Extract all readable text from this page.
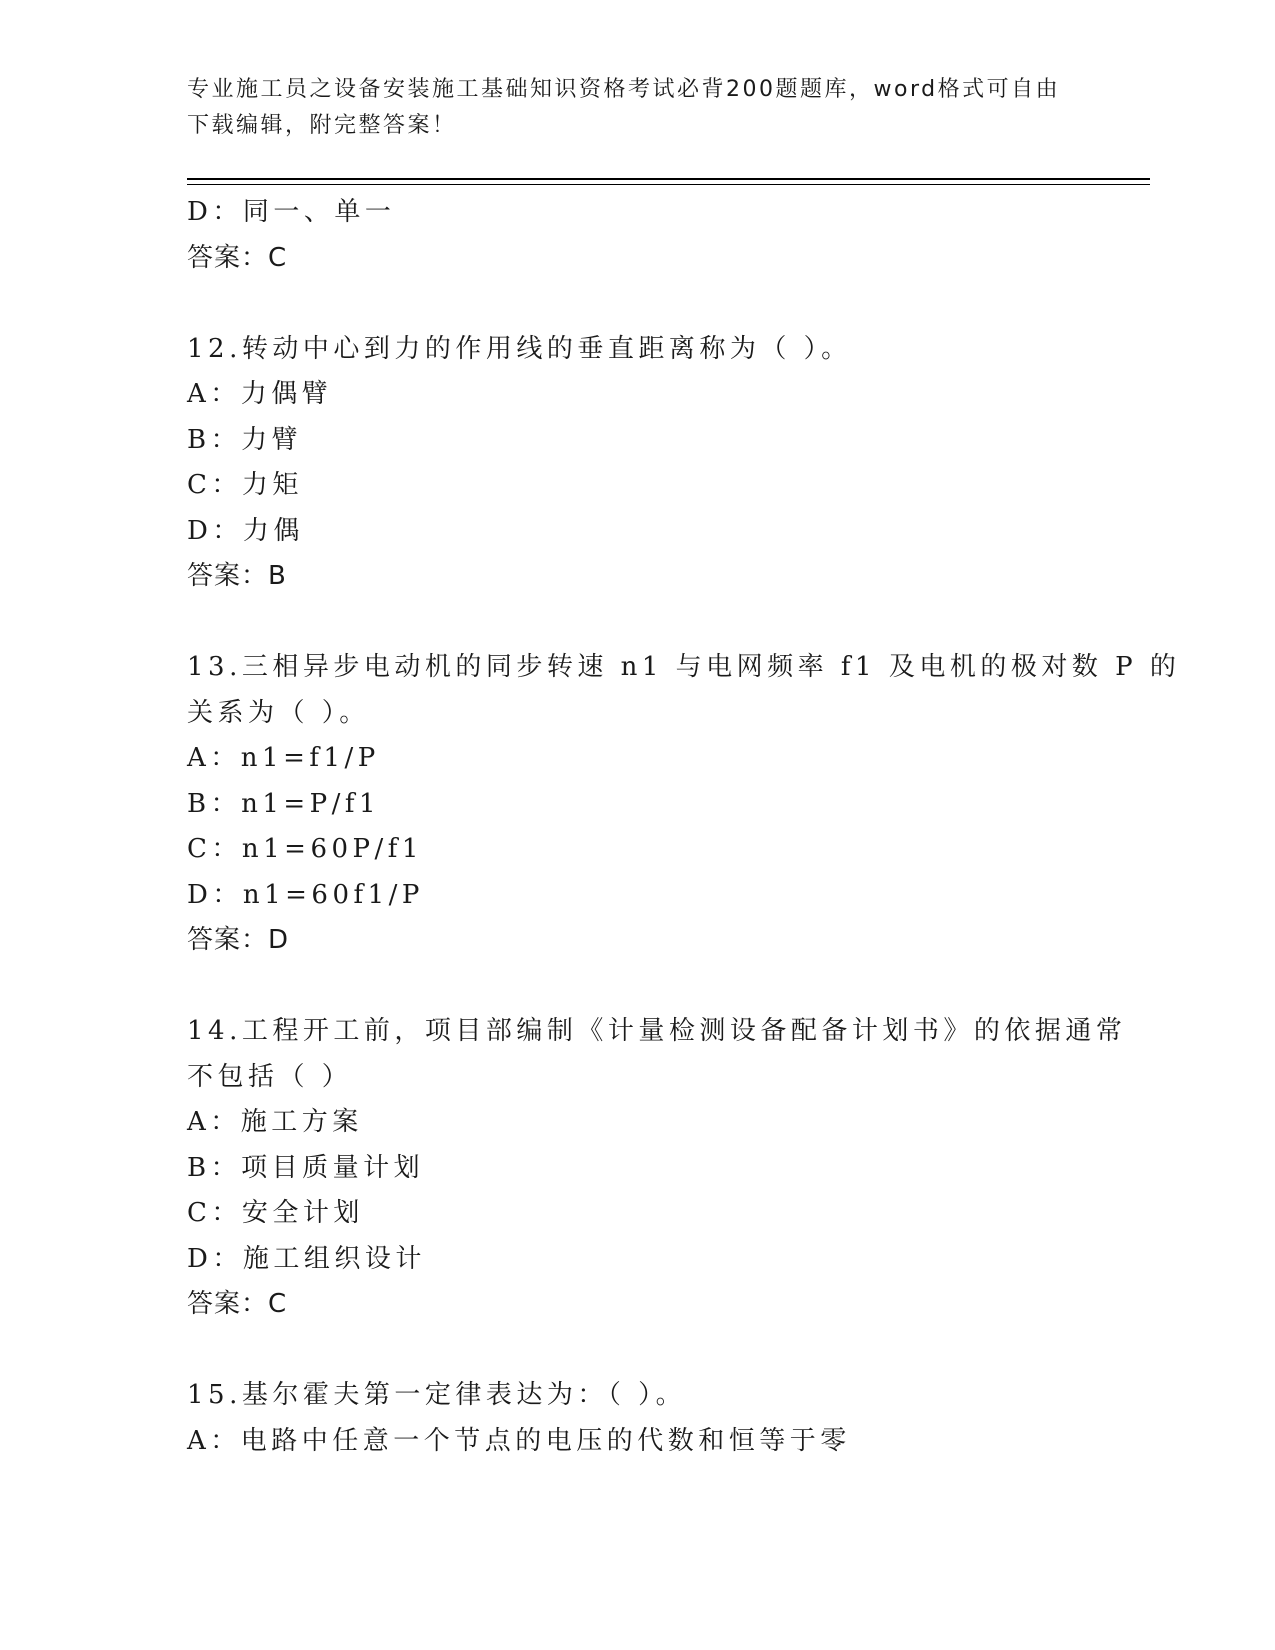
专业施工员之设备安装施工基础知识资格考试必背200题题库，word格式可自由
下载编辑，附完整答案！
D：同一、单一
答案：C
12.转动中心到力的作用线的垂直距离称为（ ）。
A：力偶臂
B：力臂
C：力矩
D：力偶
答案：B
13.三相异步电动机的同步转速 n1 与电网频率 f1 及电机的极对数 P 的
关系为（ ）。
A：n1=f1/P
B：n1=P/f1
C：n1=60P/f1
D：n1=60f1/P
答案：D
14.工程开工前，项目部编制《计量检测设备配备计划书》的依据通常
不包括（ ）
A：施工方案
B：项目质量计划
C：安全计划
D：施工组织设计
答案：C
15.基尔霍夫第一定律表达为：（ ）。
A：电路中任意一个节点的电压的代数和恒等于零
